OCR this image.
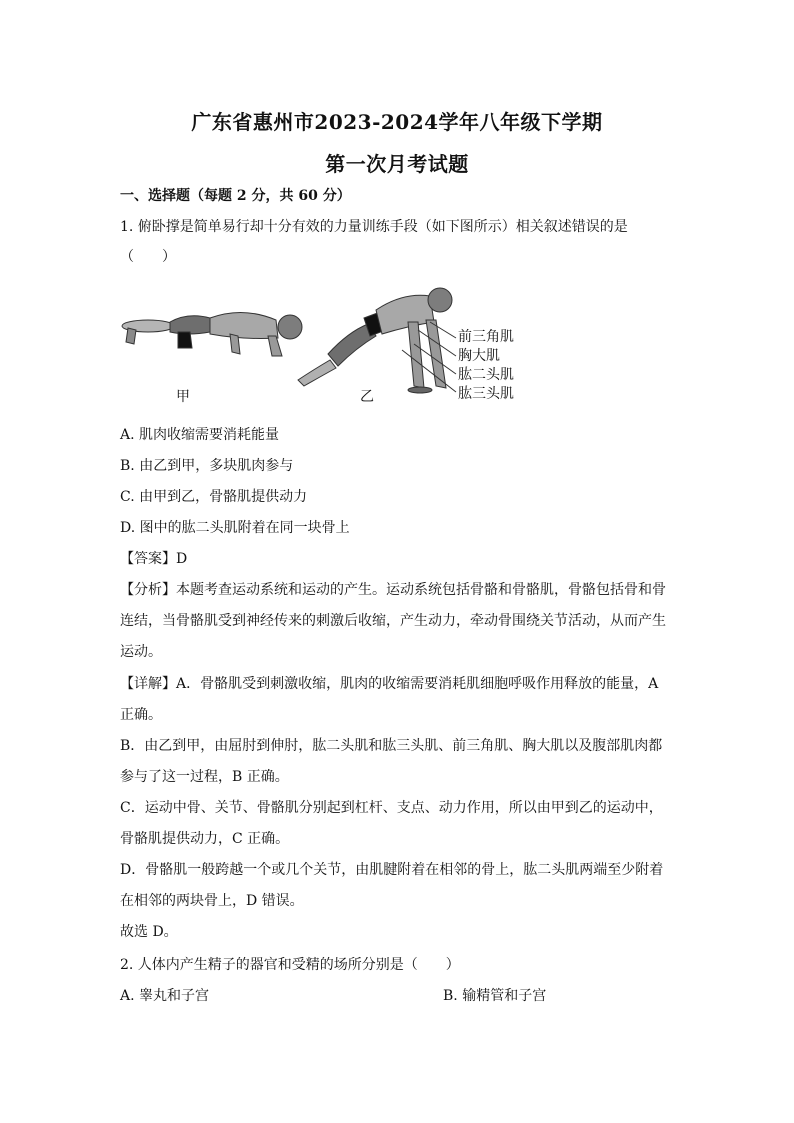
广东省惠州市2023-2024学年八年级下学期
第一次月考试题
一、选择题（每题 2 分，共 60 分）
1. 俯卧撑是简单易行却十分有效的力量训练手段（如下图所示）相关叙述错误的是
（　　）
甲	乙
前三角肌
胸大肌
肱二头肌
肱三头肌
A. 肌肉收缩需要消耗能量
B. 由乙到甲，多块肌肉参与
C. 由甲到乙，骨骼肌提供动力
D. 图中的肱二头肌附着在同一块骨上
【答案】D
【分析】本题考查运动系统和运动的产生。运动系统包括骨骼和骨骼肌，骨骼包括骨和骨
连结，当骨骼肌受到神经传来的刺激后收缩，产生动力，牵动骨围绕关节活动，从而产生
运动。
【详解】A．骨骼肌受到刺激收缩，肌肉的收缩需要消耗肌细胞呼吸作用释放的能量，A
正确。
B．由乙到甲，由屈肘到伸肘，肱二头肌和肱三头肌、前三角肌、胸大肌以及腹部肌肉都
参与了这一过程，B 正确。
C．运动中骨、关节、骨骼肌分别起到杠杆、支点、动力作用，所以由甲到乙的运动中，
骨骼肌提供动力，C 正确。
D．骨骼肌一般跨越一个或几个关节，由肌腱附着在相邻的骨上，肱二头肌两端至少附着
在相邻的两块骨上，D 错误。
故选 D。
2. 人体内产生精子的器官和受精的场所分别是（　　）
A. 睾丸和子宫	B. 输精管和子宫
